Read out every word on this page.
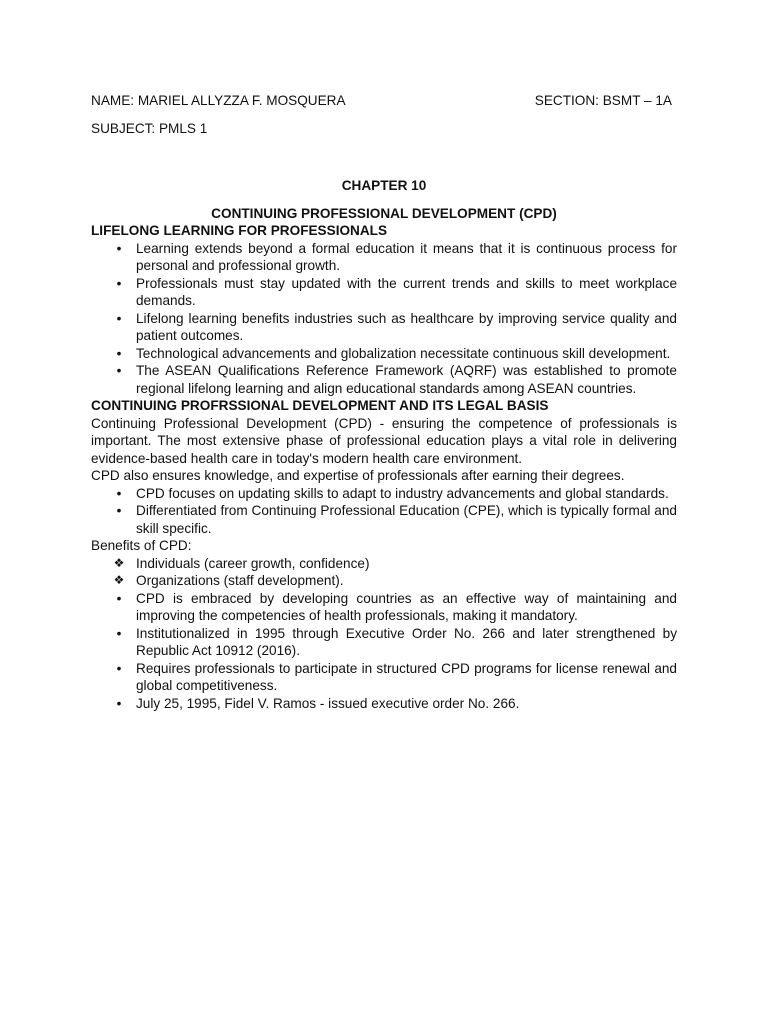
NAME: MARIEL ALLYZZA F. MOSQUERA	SECTION: BSMT – 1A
SUBJECT: PMLS 1
CHAPTER 10
CONTINUING PROFESSIONAL DEVELOPMENT (CPD)
LIFELONG LEARNING FOR PROFESSIONALS
•	Learning extends beyond a formal education it means that it is continuous process for personal and professional growth.
•	Professionals must stay updated with the current trends and skills to meet workplace demands.
•	Lifelong learning benefits industries such as healthcare by improving service quality and patient outcomes.
•	Technological advancements and globalization necessitate continuous skill development.
•	The ASEAN Qualifications Reference Framework (AQRF) was established to promote regional lifelong learning and align educational standards among ASEAN countries.
CONTINUING PROFRSSIONAL DEVELOPMENT AND ITS LEGAL BASIS

Continuing Professional Development (CPD) - ensuring the competence of professionals is important. The most extensive phase of professional education plays a vital role in delivering evidence-based health care in today's modern health care environment.

CPD also ensures knowledge, and expertise of professionals after earning their degrees.

•	CPD focuses on updating skills to adapt to industry advancements and global standards.
•	Differentiated from Continuing Professional Education (CPE), which is typically formal and skill specific.

Benefits of CPD:

❖ Individuals (career growth, confidence)
❖ Organizations (staff development).
•	CPD is embraced by developing countries as an effective way of maintaining and improving the competencies of health professionals, making it mandatory.
•	Institutionalized in 1995 through Executive Order No. 266 and later strengthened by Republic Act 10912 (2016).
•	Requires professionals to participate in structured CPD programs for license renewal and global competitiveness.
•	July 25, 1995, Fidel V. Ramos - issued executive order No. 266.
